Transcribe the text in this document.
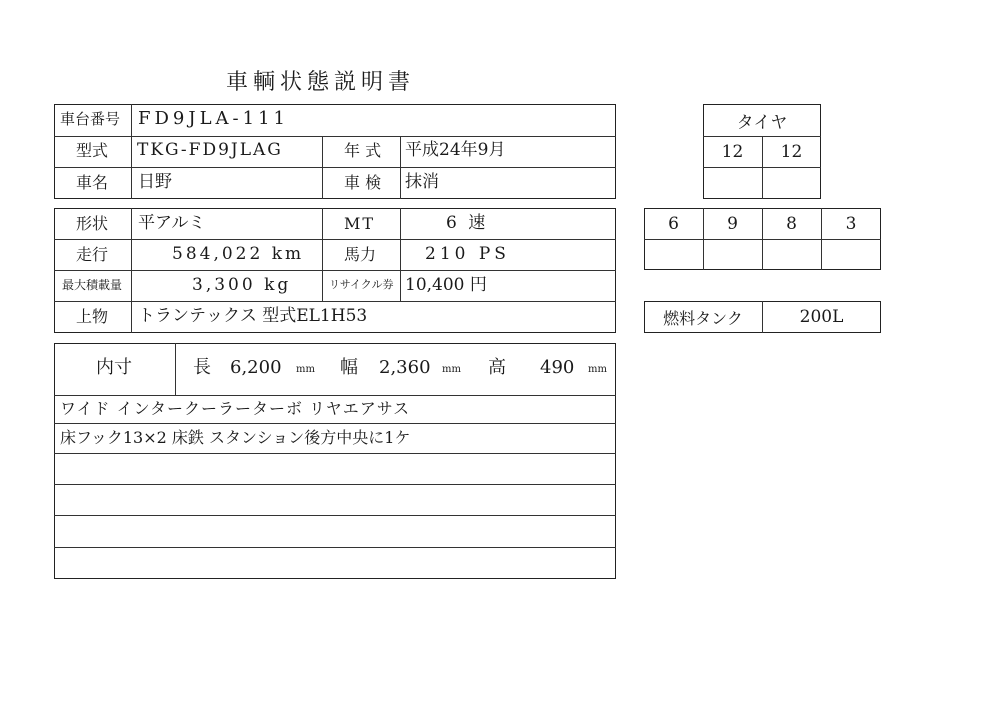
車輌状態説明書
車台番号 FD9JLA-111
型式 TKG-FD9JLAG	年 式 平成24年9月
車名 日野	車 検 抹消
形状 平アルミ	MT	6 速
走行	584,022 km 馬力	210 PS
最大積載量	3,300 kg	リサイクル券 10,400 円
上物 トランテックス 型式EL1H53
内寸	長 6,200 mm 幅 2,360 mm 高 490 mm
ワイド インタークーラーターボ リヤエアサス
床フック13×2 床鉄 スタンション後方中央に1ケ
タイヤ
12	12
6	9	8	3
燃料タンク	200L
